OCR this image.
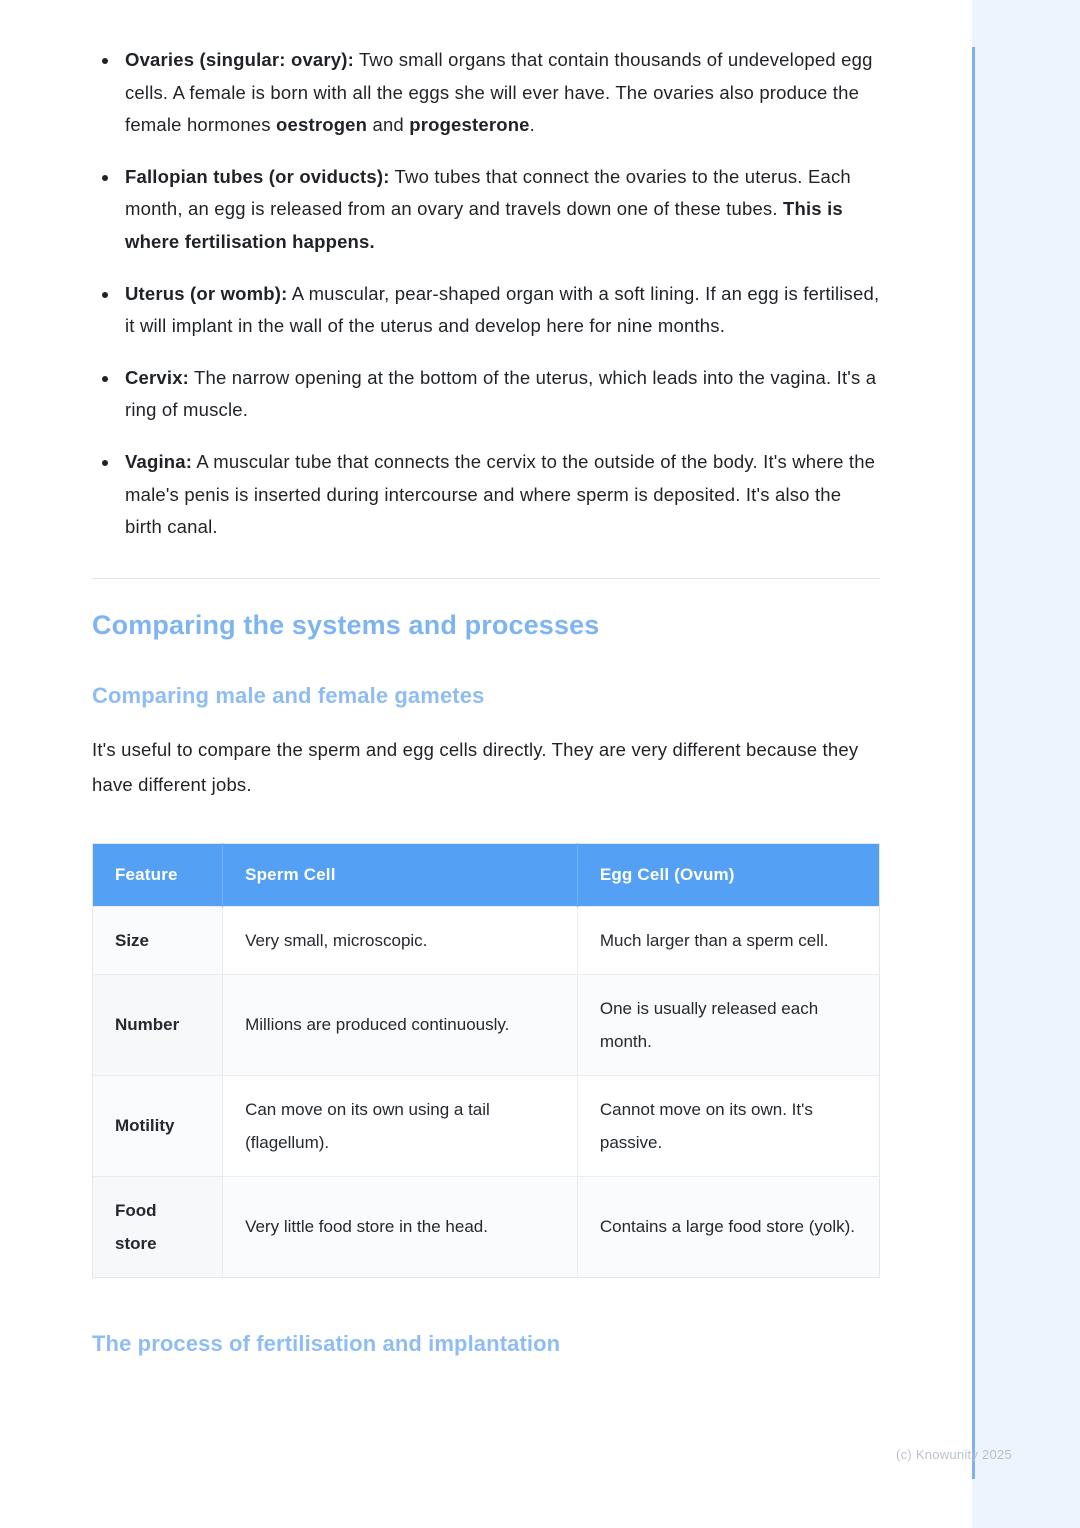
Ovaries (singular: ovary): Two small organs that contain thousands of undeveloped egg cells. A female is born with all the eggs she will ever have. The ovaries also produce the female hormones oestrogen and progesterone.
Fallopian tubes (or oviducts): Two tubes that connect the ovaries to the uterus. Each month, an egg is released from an ovary and travels down one of these tubes. This is where fertilisation happens.
Uterus (or womb): A muscular, pear-shaped organ with a soft lining. If an egg is fertilised, it will implant in the wall of the uterus and develop here for nine months.
Cervix: The narrow opening at the bottom of the uterus, which leads into the vagina. It's a ring of muscle.
Vagina: A muscular tube that connects the cervix to the outside of the body. It's where the male's penis is inserted during intercourse and where sperm is deposited. It's also the birth canal.
Comparing the systems and processes
Comparing male and female gametes

It's useful to compare the sperm and egg cells directly. They are very different because they have different jobs.

Feature	Sperm Cell	Egg Cell (Ovum)
Size	Very small, microscopic.	Much larger than a sperm cell.
Number	Millions are produced continuously.	One is usually released each month.
Motility	Can move on its own using a tail (flagellum).	Cannot move on its own. It's passive.
Food store	Very little food store in the head.	Contains a large food store (yolk).
The process of fertilisation and implantation
(c) Knowunity 2025
